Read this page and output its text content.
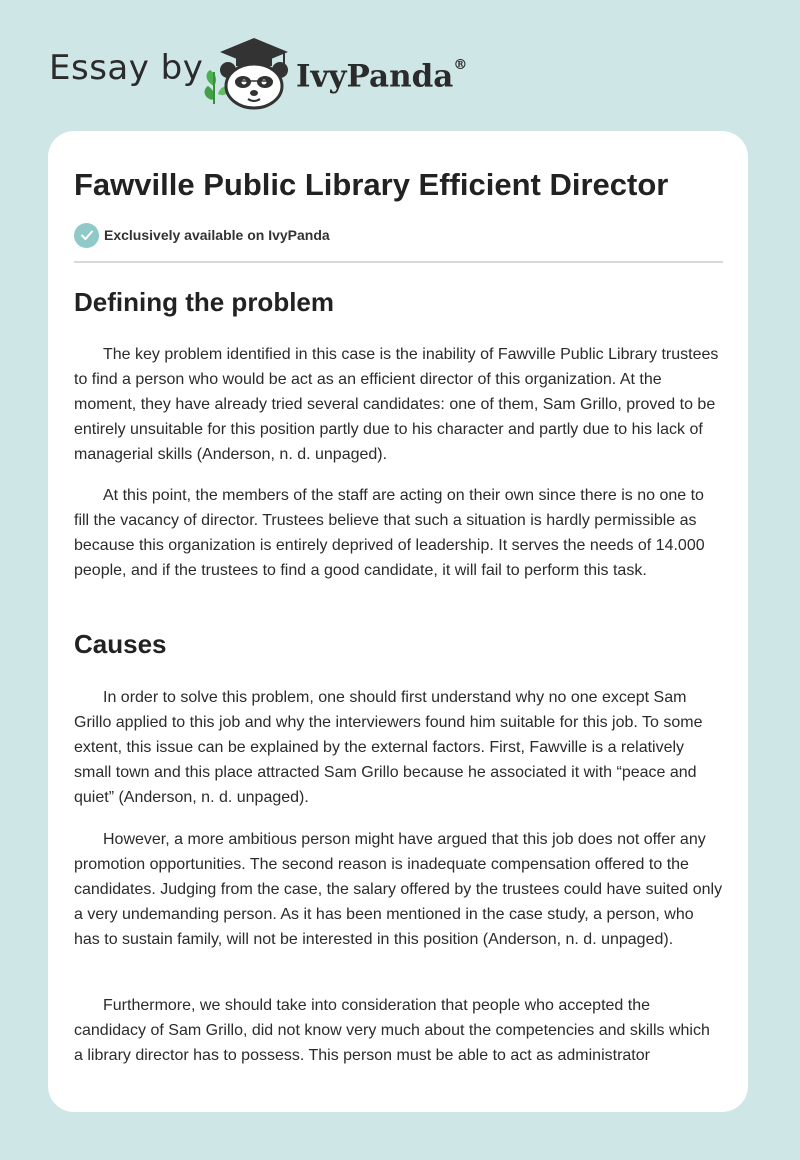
Essay by	IvyPanda®
Fawville Public Library Efficient Director
Exclusively available on IvyPanda
Defining the problem

The key problem identified in this case is the inability of Fawville Public Library trustees to find a person who would be act as an efficient director of this organization. At the moment, they have already tried several candidates: one of them, Sam Grillo, proved to be entirely unsuitable for this position partly due to his character and partly due to his lack of managerial skills (Anderson, n. d. unpaged).

At this point, the members of the staff are acting on their own since there is no one to fill the vacancy of director. Trustees believe that such a situation is hardly permissible as because this organization is entirely deprived of leadership. It serves the needs of 14.000 people, and if the trustees to find a good candidate, it will fail to perform this task.

Causes

In order to solve this problem, one should first understand why no one except Sam Grillo applied to this job and why the interviewers found him suitable for this job. To some extent, this issue can be explained by the external factors. First, Fawville is a relatively small town and this place attracted Sam Grillo because he associated it with “peace and quiet” (Anderson, n. d. unpaged).

However, a more ambitious person might have argued that this job does not offer any promotion opportunities. The second reason is inadequate compensation offered to the candidates. Judging from the case, the salary offered by the trustees could have suited only a very undemanding person. As it has been mentioned in the case study, a person, who has to sustain family, will not be interested in this position (Anderson, n. d. unpaged).

Furthermore, we should take into consideration that people who accepted the candidacy of Sam Grillo, did not know very much about the competencies and skills which a library director has to possess. This person must be able to act as administrator
